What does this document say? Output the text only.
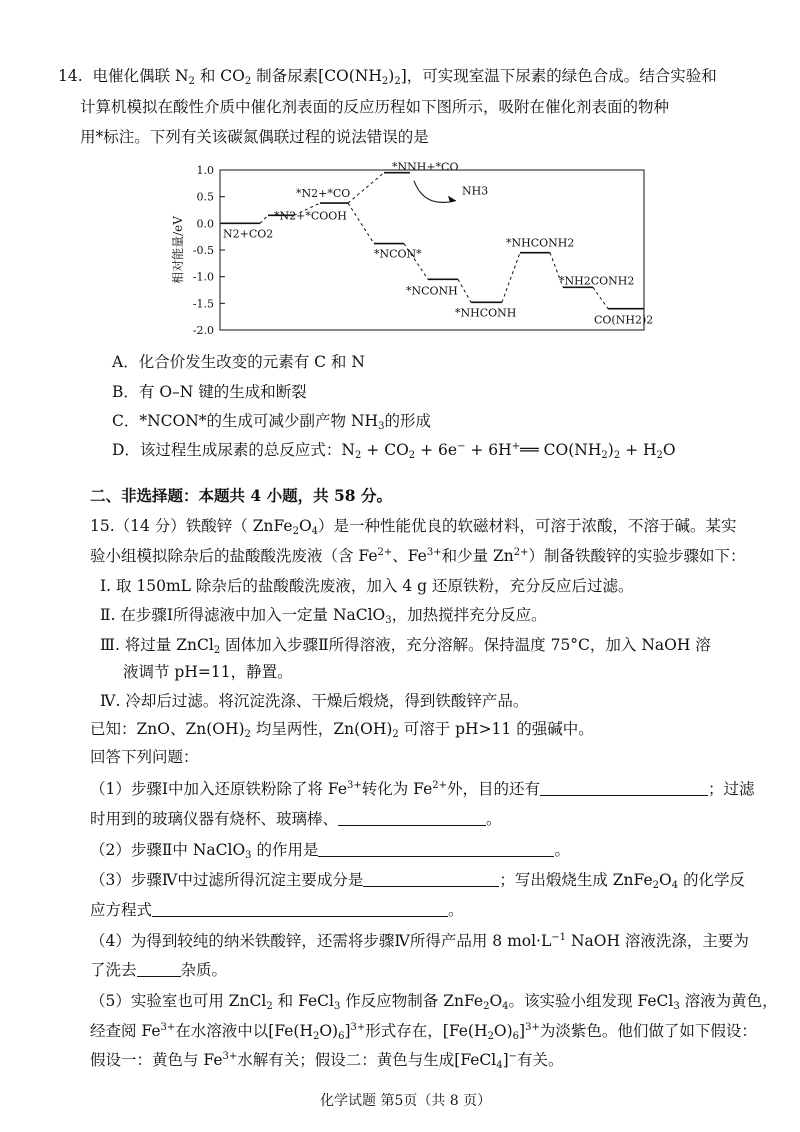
14. 电催化偶联 $N_2$ 和 $CO_2$ 制备尿素$[CO(NH_2)_2]$，可实现室温下尿素的绿色合成。结合实验和
计算机模拟在酸性介质中催化剂表面的反应历程如下图所示，吸附在催化剂表面的物种
用*标注。下列有关该碳氮偶联过程的说法错误的是
1.0
0.5
0.0
-0.5
-1.0
-1.5
-2.0
相对能量/eV	N2+CO2
*N2+*COOH
*N2+*CO
*NNH+*CO
*NCON*
*NCONH
*NHCONH
*NHCONH2
*NH2CONH2
CO(NH2)2
NH3
A．化合价发生改变的元素有 C 和 N
B．有 O–N 键的生成和断裂
C．*NCON*的生成可减少副产物 $NH_3$的形成
D．该过程生成尿素的总反应式：$N_2 + CO_2 + 6e^-$ + 6H+══ $CO(NH_2)_2 + H_2O$
二、非选择题：本题共 4 小题，共 58 分。
15.（14 分）铁酸锌（ $ZnFe_2O_4$）是一种性能优良的软磁材料，可溶于浓酸，不溶于碱。某实
验小组模拟除杂后的盐酸酸洗废液（含 $Fe^{2+}$、$Fe^{3+}$和少量 $Zn^{2+}$）制备铁酸锌的实验步骤如下：
Ⅰ. 取 150mL 除杂后的盐酸酸洗废液，加入 4 g 还原铁粉，充分反应后过滤。
Ⅱ. 在步骤Ⅰ所得滤液中加入一定量 NaClO$_3$，加热搅拌充分反应。
Ⅲ. 将过量 ZnCl$_2$ 固体加入步骤Ⅱ所得溶液，充分溶解。保持温度 75°C，加入 NaOH 溶
液调节 pH=11，静置。
Ⅳ. 冷却后过滤。将沉淀洗涤、干燥后煅烧，得到铁酸锌产品。
已知：ZnO、$Zn(OH)_2$ 均呈两性，$Zn(OH)_2$ 可溶于 pH>11 的强碱中。
回答下列问题：
（1）步骤Ⅰ中加入还原铁粉除了将 $Fe^{3+}$转化为 $Fe^{2+}$外，目的还有	；过滤
时用到的玻璃仪器有烧杯、玻璃棒、	。
（2）步骤Ⅱ中 NaClO$_3$ 的作用是	。
（3）步骤Ⅳ中过滤所得沉淀主要成分是	；写出煅烧生成 $ZnFe_2O_4$ 的化学反
应方程式	。
（4）为得到较纯的纳米铁酸锌，还需将步骤Ⅳ所得产品用 8 $mol\cdot L^{-1}$ NaOH 溶液洗涤，主要为
了洗去	杂质。
（5）实验室也可用 ZnCl$_2$ 和 FeCl$_3$ 作反应物制备 $ZnFe_2O_4$。该实验小组发现 FeCl$_3$ 溶液为黄色，
经查阅 $Fe^{3+}$在水溶液中以$[Fe(H_2O)_6]^{3+}$形式存在，$[Fe(H_2O)_6]^{3+}$为淡紫色。他们做了如下假设：
假设一：黄色与 $Fe^{3+}$水解有关；假设二：黄色与生成[FeCl$_4$]−有关。
化学试题 第5页（共 8 页）
